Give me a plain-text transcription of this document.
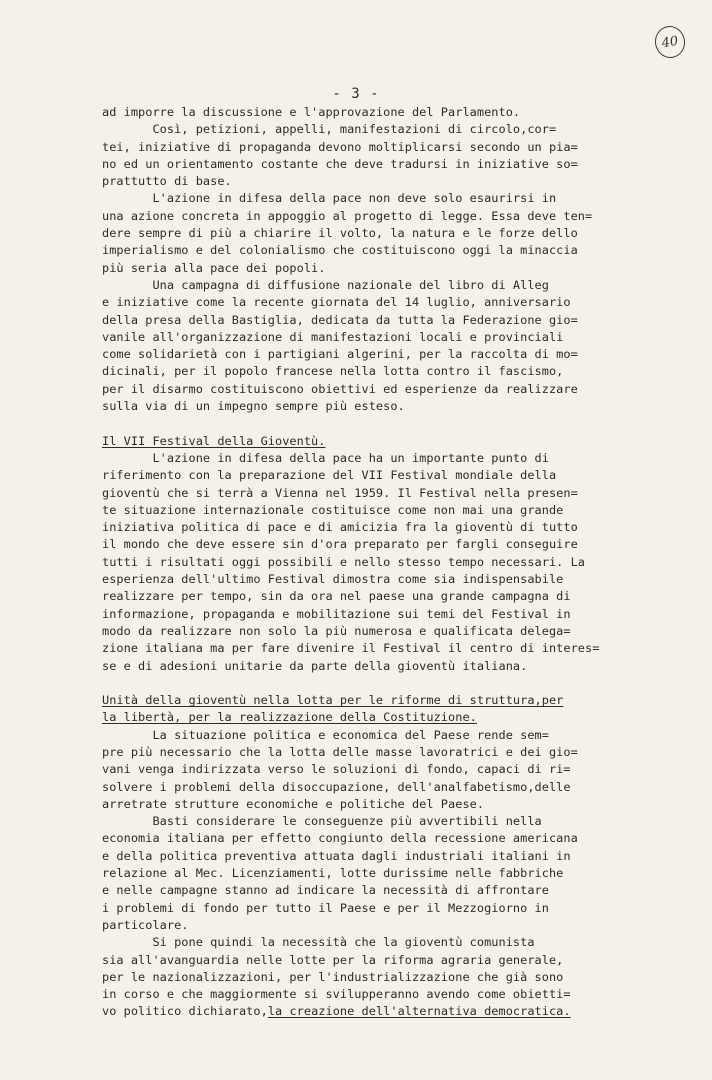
40
- 3 -
ad imporre la discussione e l'approvazione del Parlamento.
Così, petizioni, appelli, manifestazioni di circolo,cor=
tei, iniziative di propaganda devono moltiplicarsi secondo un pia=
no ed un orientamento costante che deve tradursi in iniziative so=
prattutto di base.
L'azione in difesa della pace non deve solo esaurirsi in
una azione concreta in appoggio al progetto di legge. Essa deve ten=
dere sempre di più a chiarire il volto, la natura e le forze dello
imperialismo e del colonialismo che costituiscono oggi la minaccia
più seria alla pace dei popoli.
Una campagna di diffusione nazionale del libro di Alleg
e iniziative come la recente giornata del 14 luglio, anniversario
della presa della Bastiglia, dedicata da tutta la Federazione gio=
vanile all'organizzazione di manifestazioni locali e provinciali
come solidarietà con i partigiani algerini, per la raccolta di mo=
dicinali, per il popolo francese nella lotta contro il fascismo,
per il disarmo costituiscono obiettivi ed esperienze da realizzare
sulla via di un impegno sempre più esteso.
Il VII Festival della Gioventù.
L'azione in difesa della pace ha un importante punto di
riferimento con la preparazione del VII Festival mondiale della
gioventù che si terrà a Vienna nel 1959. Il Festival nella presen=
te situazione internazionale costituisce come non mai una grande
iniziativa politica di pace e di amicizia fra la gioventù di tutto
il mondo che deve essere sin d'ora preparato per fargli conseguire
tutti i risultati oggi possibili e nello stesso tempo necessari. La
esperienza dell'ultimo Festival dimostra come sia indispensabile
realizzare per tempo, sin da ora nel paese una grande campagna di
informazione, propaganda e mobilitazione sui temi del Festival in
modo da realizzare non solo la più numerosa e qualificata delega=
zione italiana ma per fare divenire il Festival il centro di interes=
se e di adesioni unitarie da parte della gioventù italiana.
Unità della gioventù nella lotta per le riforme di struttura,per
la libertà, per la realizzazione della Costituzione.
La situazione politica e economica del Paese rende sem=
pre più necessario che la lotta delle masse lavoratrici e dei gio=
vani venga indirizzata verso le soluzioni di fondo, capaci di ri=
solvere i problemi della disoccupazione, dell'analfabetismo,delle
arretrate strutture economiche e politiche del Paese.
Basti considerare le conseguenze più avvertibili nella
economia italiana per effetto congiunto della recessione americana
e della politica preventiva attuata dagli industriali italiani in
relazione al Mec. Licenziamenti, lotte durissime nelle fabbriche
e nelle campagne stanno ad indicare la necessità di affrontare
i problemi di fondo per tutto il Paese e per il Mezzogiorno in
particolare.
Si pone quindi la necessità che la gioventù comunista
sia all'avanguardia nelle lotte per la riforma agraria generale,
per le nazionalizzazioni, per l'industrializzazione che già sono
in corso e che maggiormente si svilupperanno avendo come obietti=
vo politico dichiarato,la creazione dell'alternativa democratica.
